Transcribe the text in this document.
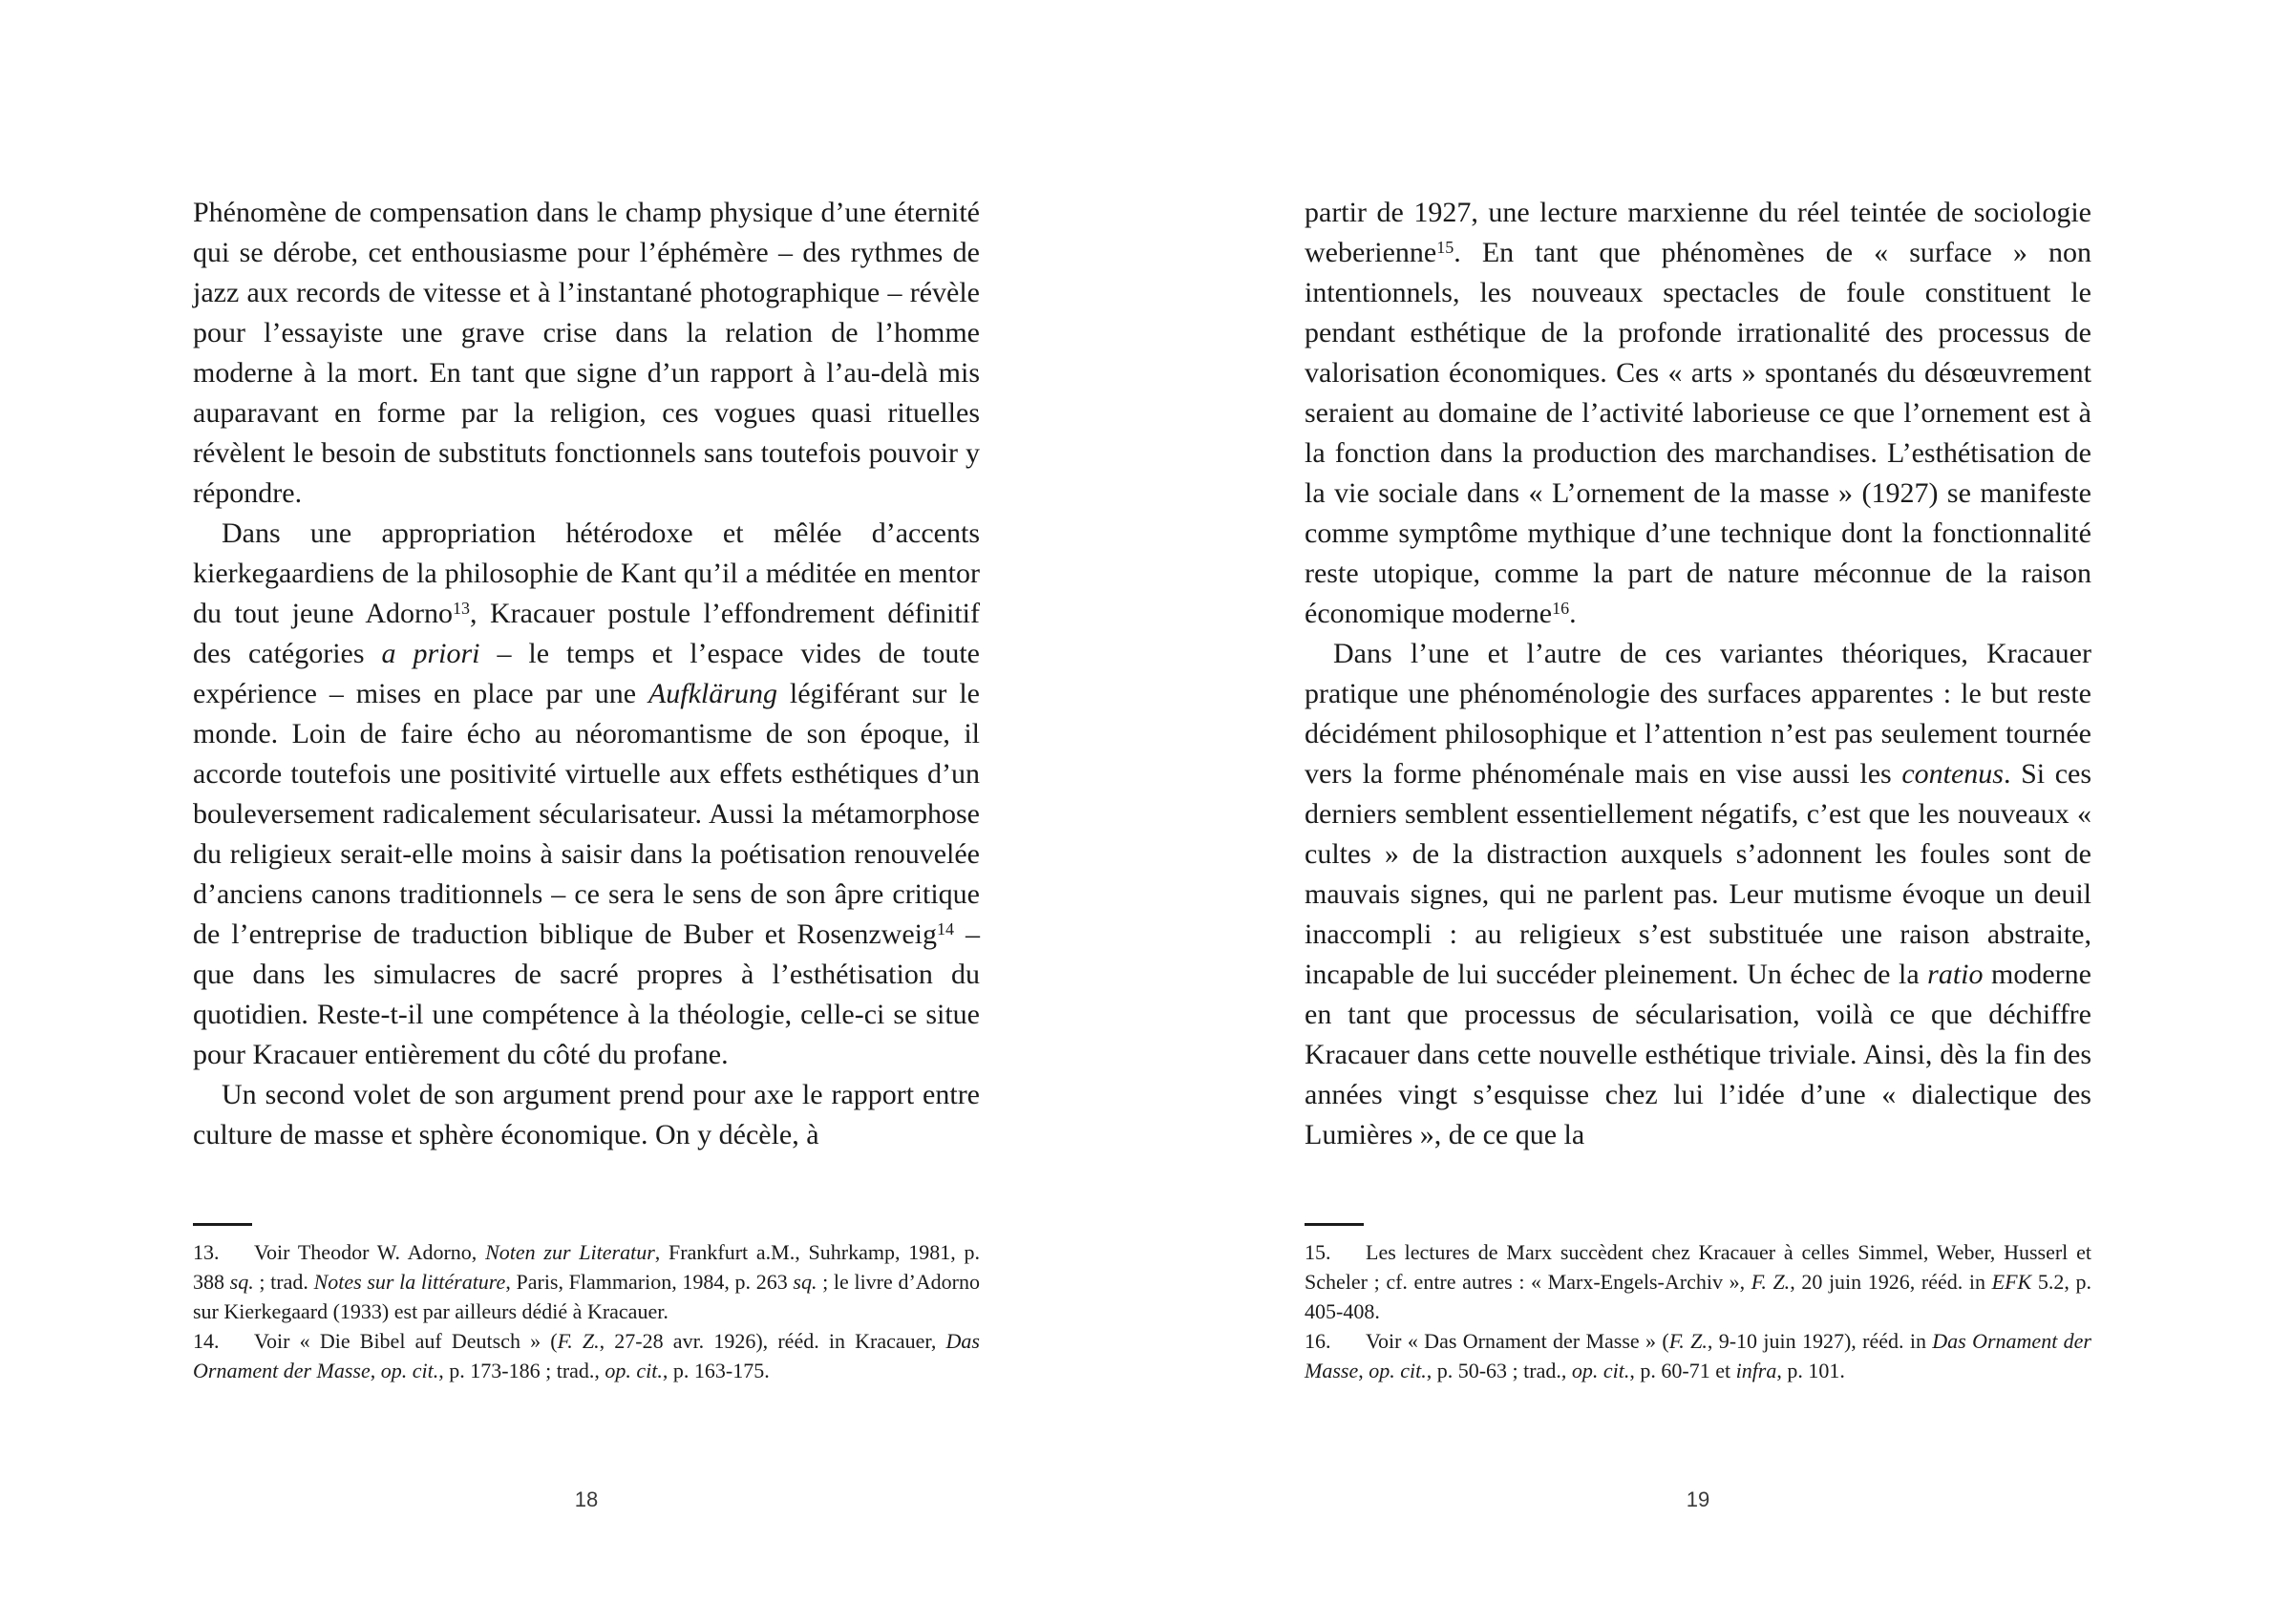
Phénomène de compensation dans le champ physique d’une éternité qui se dérobe, cet enthousiasme pour l’éphémère – des rythmes de jazz aux records de vitesse et à l’instantané photographique – révèle pour l’essayiste une grave crise dans la relation de l’homme moderne à la mort. En tant que signe d’un rapport à l’au-delà mis auparavant en forme par la religion, ces vogues quasi rituelles révèlent le besoin de substituts fonctionnels sans toutefois pouvoir y répondre.

Dans une appropriation hétérodoxe et mêlée d’accents kierkegaardiens de la philosophie de Kant qu’il a méditée en mentor du tout jeune Adorno$^{13}$, Kracauer postule l’effondrement définitif des catégories a priori – le temps et l’espace vides de toute expérience – mises en place par une Aufklärung légiférant sur le monde. Loin de faire écho au néoromantisme de son époque, il accorde toutefois une positivité virtuelle aux effets esthétiques d’un bouleversement radicalement sécularisateur. Aussi la métamorphose du religieux serait-elle moins à saisir dans la poétisation renouvelée d’anciens canons traditionnels – ce sera le sens de son âpre critique de l’entreprise de traduction biblique de Buber et Rosenzweig$^{14}$ – que dans les simulacres de sacré propres à l’esthétisation du quotidien. Reste-t-il une compétence à la théologie, celle-ci se situe pour Kracauer entièrement du côté du profane.

Un second volet de son argument prend pour axe le rapport entre culture de masse et sphère économique. On y décèle, à

13. Voir Theodor W. Adorno, Noten zur Literatur, Frankfurt a.M., Suhrkamp, 1981, p. 388 sq. ; trad. Notes sur la littérature, Paris, Flammarion, 1984, p. 263 sq. ; le livre d’Adorno sur Kierkegaard (1933) est par ailleurs dédié à Kracauer.

14. Voir « Die Bibel auf Deutsch » (F. Z., 27-28 avr. 1926), rééd. in Kracauer, Das Ornament der Masse, op. cit., p. 173-186 ; trad., op. cit., p. 163-175.

18

partir de 1927, une lecture marxienne du réel teintée de sociologie weberienne$^{15}$. En tant que phénomènes de « surface » non intentionnels, les nouveaux spectacles de foule constituent le pendant esthétique de la profonde irrationalité des processus de valorisation économiques. Ces « arts » spontanés du désœuvrement seraient au domaine de l’activité laborieuse ce que l’ornement est à la fonction dans la production des marchandises. L’esthétisation de la vie sociale dans « L’ornement de la masse » (1927) se manifeste comme symptôme mythique d’une technique dont la fonctionnalité reste utopique, comme la part de nature méconnue de la raison économique moderne$^{16}$.

Dans l’une et l’autre de ces variantes théoriques, Kracauer pratique une phénoménologie des surfaces apparentes : le but reste décidément philosophique et l’attention n’est pas seulement tournée vers la forme phénoménale mais en vise aussi les contenus. Si ces derniers semblent essentiellement négatifs, c’est que les nouveaux « cultes » de la distraction auxquels s’adonnent les foules sont de mauvais signes, qui ne parlent pas. Leur mutisme évoque un deuil inaccompli : au religieux s’est substituée une raison abstraite, incapable de lui succéder pleinement. Un échec de la ratio moderne en tant que processus de sécularisation, voilà ce que déchiffre Kracauer dans cette nouvelle esthétique triviale. Ainsi, dès la fin des années vingt s’esquisse chez lui l’idée d’une « dialectique des Lumières », de ce que la

15. Les lectures de Marx succèdent chez Kracauer à celles Simmel, Weber, Husserl et Scheler ; cf. entre autres : « Marx-Engels-Archiv », F. Z., 20 juin 1926, rééd. in EFK 5.2, p. 405-408.

16. Voir « Das Ornament der Masse » (F. Z., 9-10 juin 1927), rééd. in Das Ornament der Masse, op. cit., p. 50-63 ; trad., op. cit., p. 60-71 et infra, p. 101.

19
